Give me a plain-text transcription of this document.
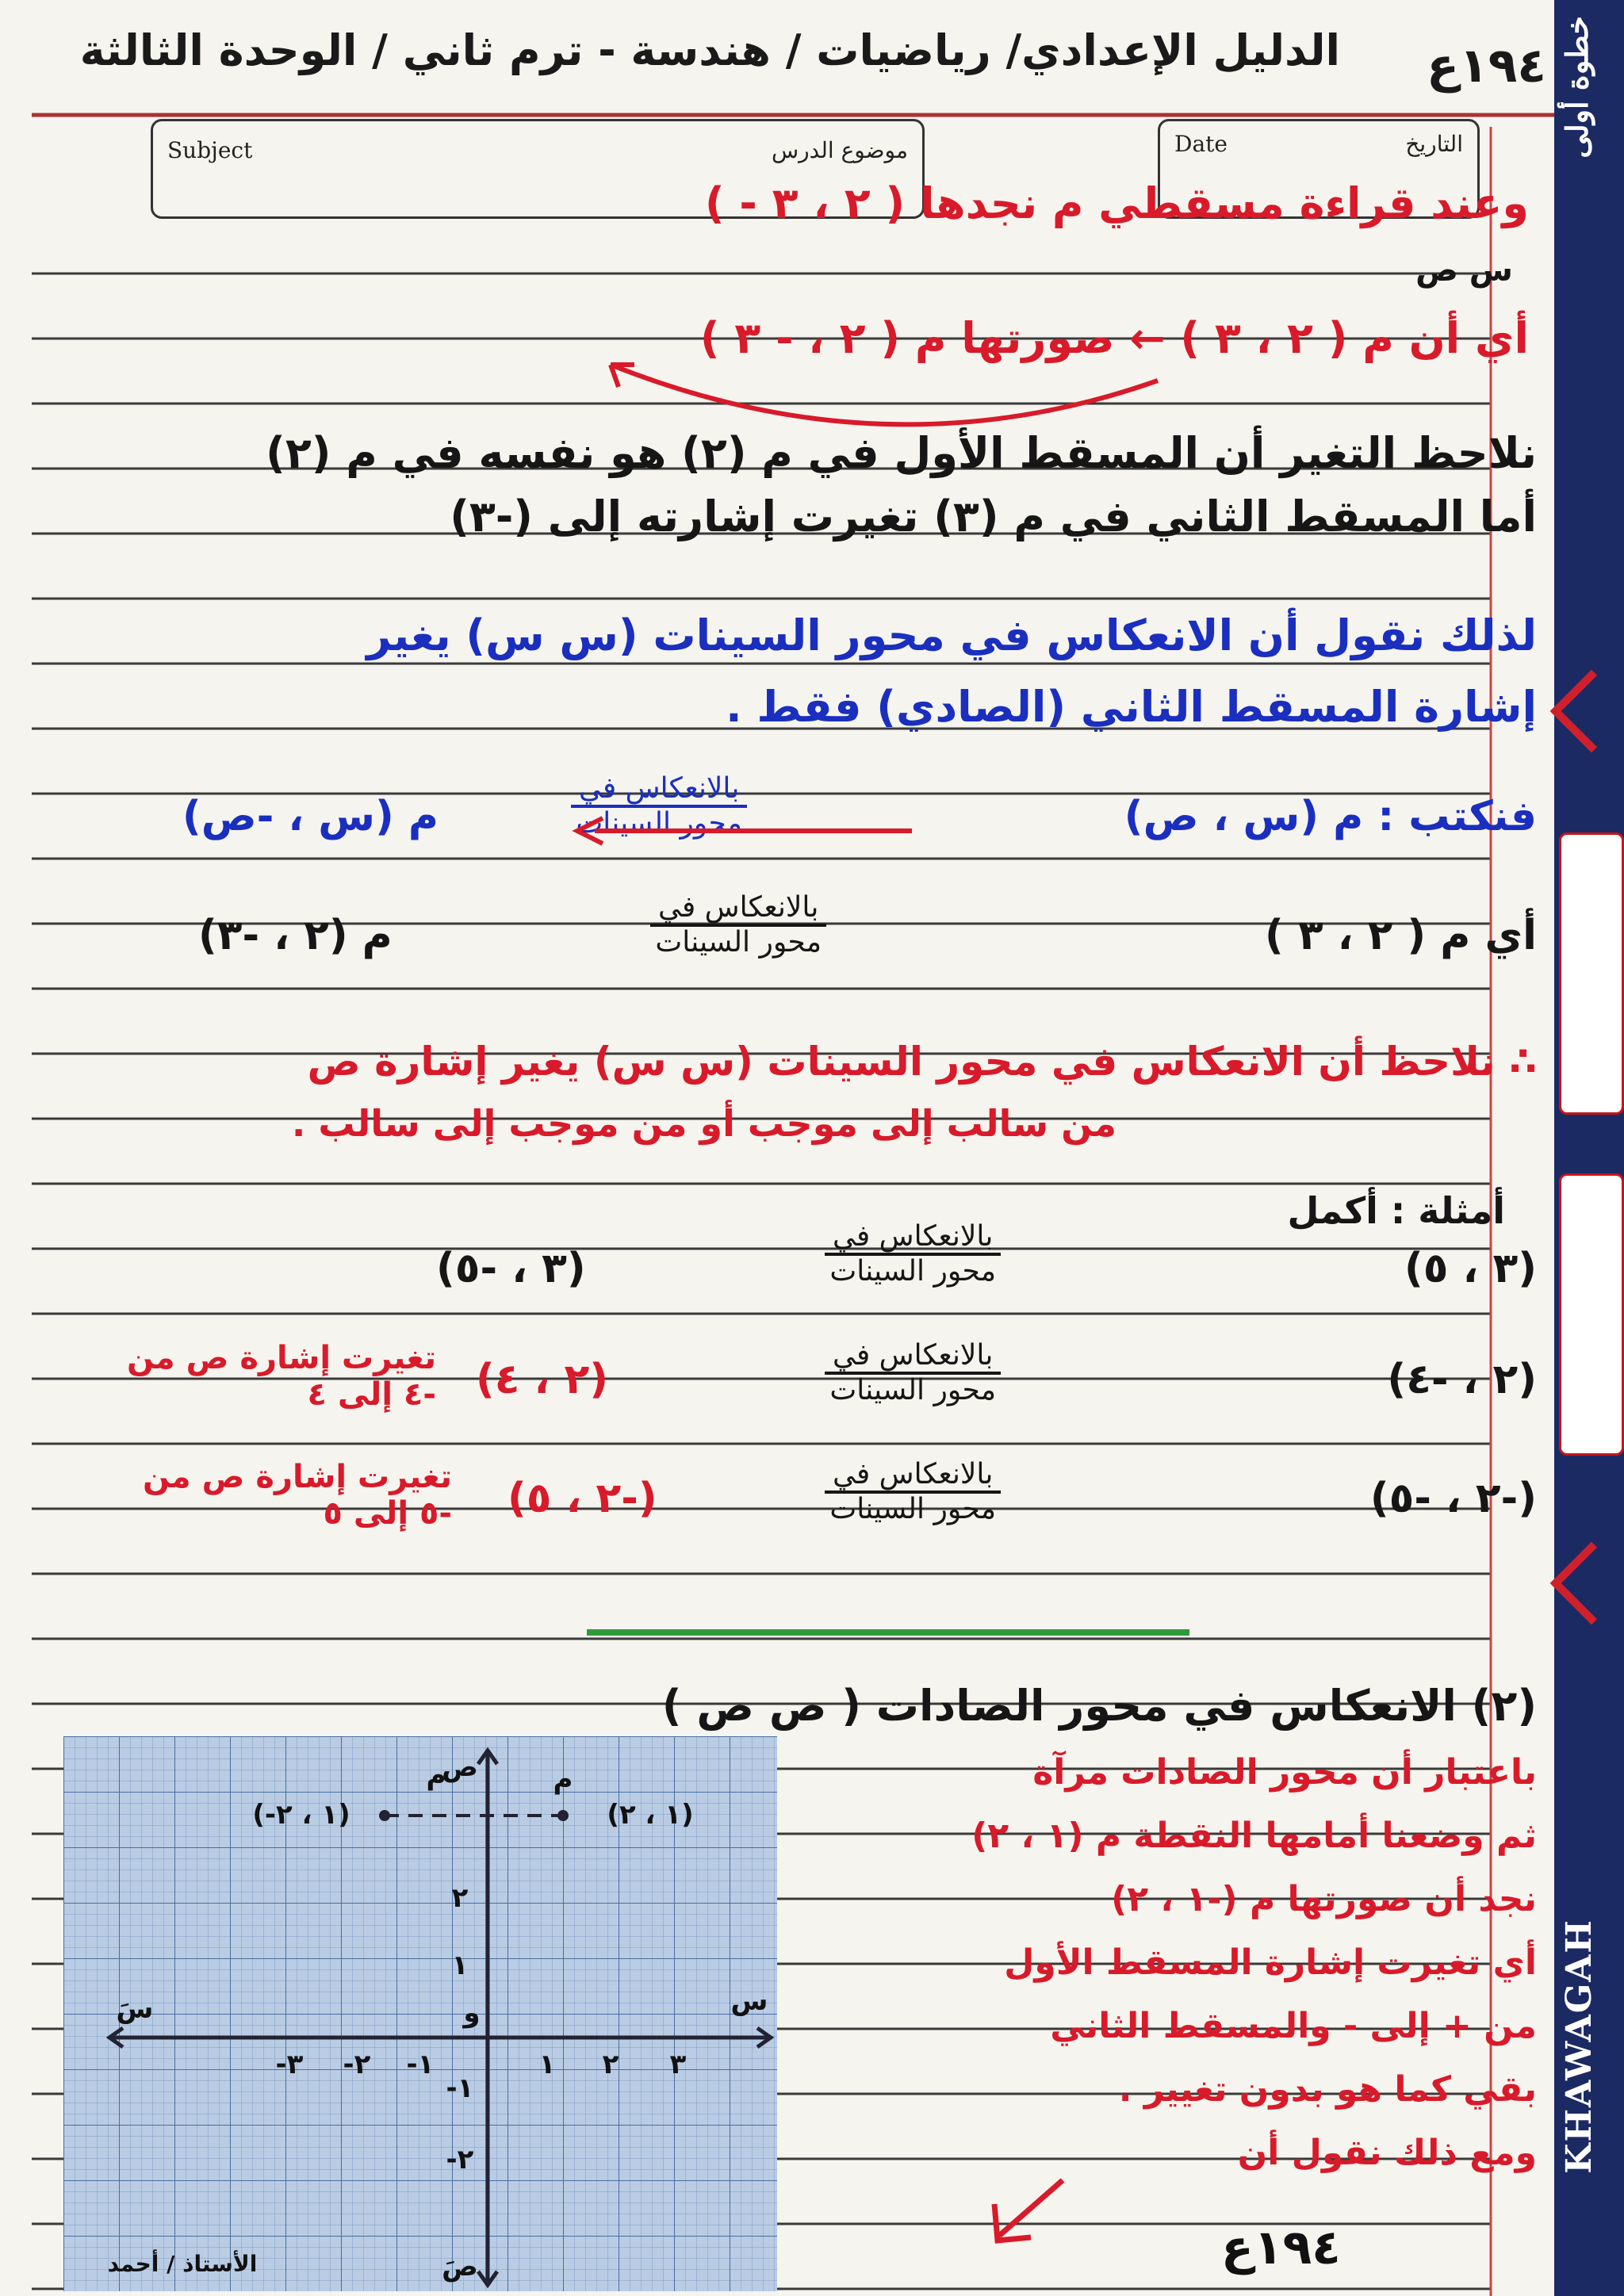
الدليل الإعدادي/ رياضيات / هندسة - ترم ثاني / الوحدة الثالثة ١٩٤ع
Subject	موضوع الدرس	Date	التاريخ
وعند قراءة مسقطي م نجدها ( ٢ ، ٣ - )
س ص
أي أن م ( ٢ ، ٣ ) ← صورتها م ( ٢ ، - ٣ )
نلاحظ التغير أن المسقط الأول في م (٢) هو نفسه في م (٢)
أما المسقط الثاني في م (٣) تغيرت إشارته إلى (-٣)
لذلك نقول أن الانعكاس في محور السينات (س س) يغير
إشارة المسقط الثاني (الصادي) فقط .
م (س ، -ص)	$\frac{\text{بالانعكاس في}}{\text{محور السينات}}$	فنكتب : م (س ، ص)
م (٢ ، -٣)	$\frac{\text{بالانعكاس في}}{\text{محور السينات}}$	أي م ( ٢ ، ٣ )
∴ نلاحظ أن الانعكاس في محور السينات (س س) يغير إشارة ص
من سالب إلى موجب أو من موجب إلى سالب .
أمثلة : أكمل
(٣ ، -٥)	$\frac{\text{بالانعكاس في}}{\text{محور السينات}}$	(٣ ، ٥)
(٢ ، ٤)	$\frac{\text{بالانعكاس في}}{\text{محور السينات}}$	(٢ ، -٤)
تغيرت إشارة ص من -٤ إلى ٤
(-٢ ، ٥)	$\frac{\text{بالانعكاس في}}{\text{محور السينات}}$	(-٢ ، -٥)
تغيرت إشارة ص من -٥ إلى ٥
(٢) الانعكاس في محور الصادات ( ص ص )
باعتبار أن محور الصادات مرآة
ثم وضعنا أمامها النقطة م (١ ، ٢)
نجد أن صورتها م (-١ ، ٢)
أي تغيرت إشارة المسقط الأول
من + إلى - والمسقط الثاني
بقي كما هو بدون تغيير .
ومع ذلك نقول أن
(١ ، ٢)
(-١ ، ٢)
م
م
س
سَ
ص
صَ
و
١ ٢ ٣
-١
-٢
-٣
٢
١
-١
-٢
الأستاذ / أحمد	١٩٤ع
خطوة أولى
KHAWAGAH
